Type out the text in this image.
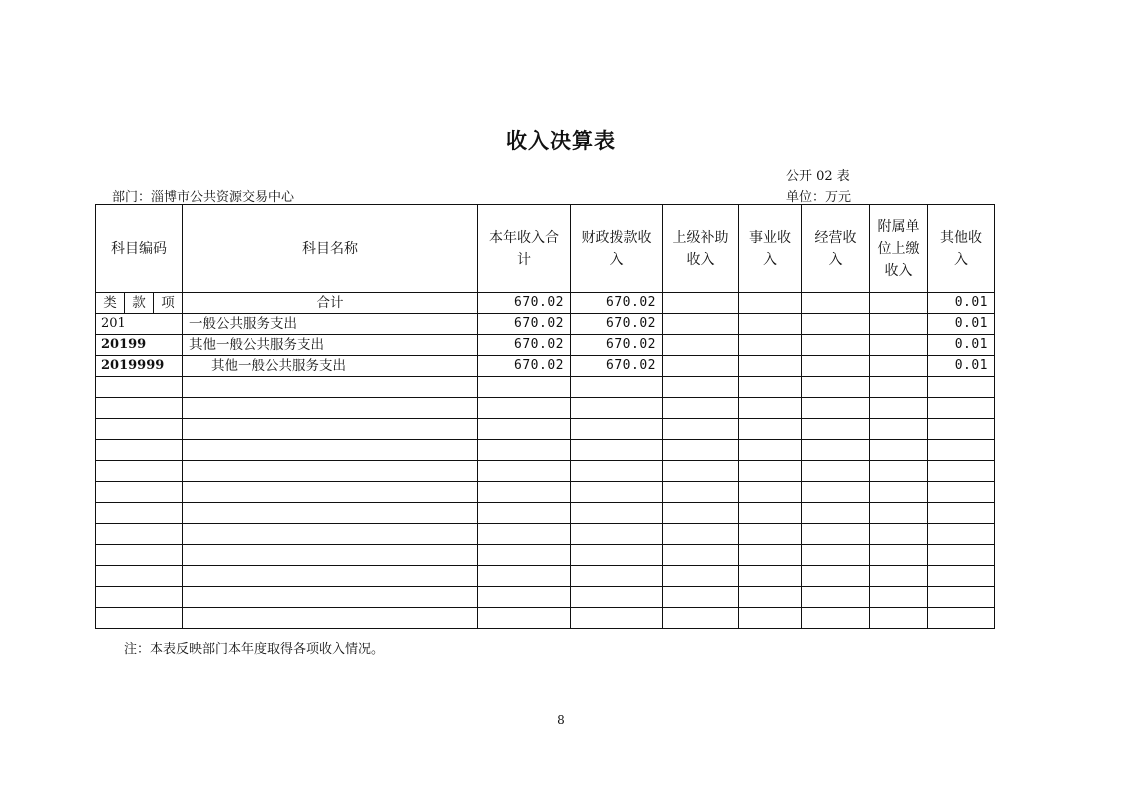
收入决算表
公开 02 表
部门：淄博市公共资源交易中心	单位：万元
科目编码	科目名称	本年收入合计	财政拨款收入	上级补助收入	事业收入	经营收入	附属单位上缴收入	其他收入

类 款 项	合计	670.02	670.02					0.01
201	一般公共服务支出	670.02	670.02					0.01
20199	其他一般公共服务支出	670.02	670.02					0.01
2019999	其他一般公共服务支出	670.02	670.02					0.01

注：本表反映部门本年度取得各项收入情况。
8
